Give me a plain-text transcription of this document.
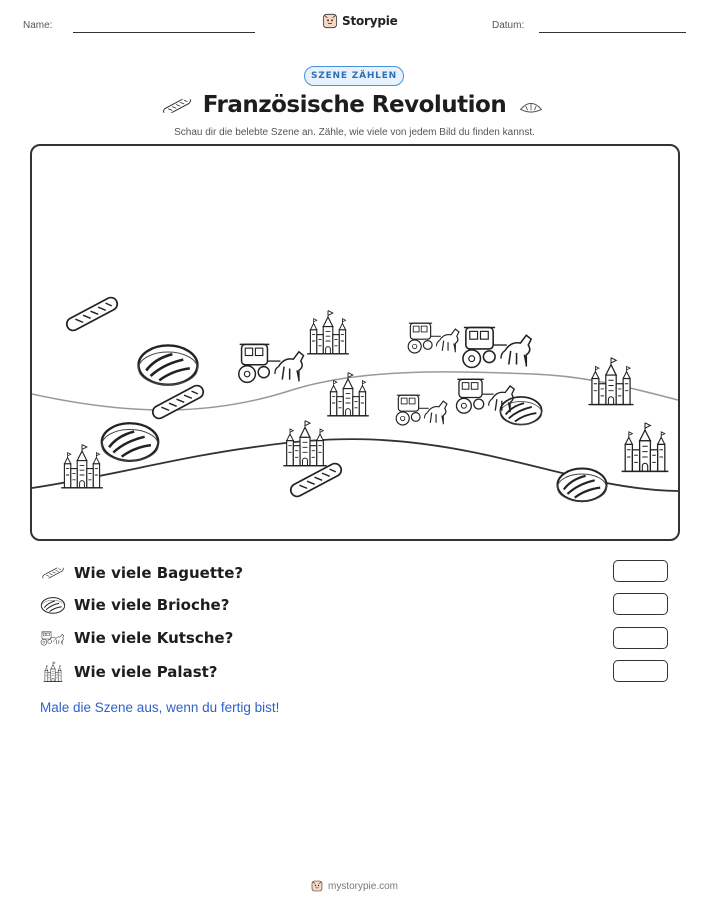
Name:	Storypie	Datum:
SZENE ZÄHLEN
Französische Revolution
Schau dir die belebte Szene an. Zähle, wie viele von jedem Bild du finden kannst.
Wie viele Baguette?
Wie viele Brioche?
Wie viele Kutsche?
Wie viele Palast?
Male die Szene aus, wenn du fertig bist!
mystorypie.com
